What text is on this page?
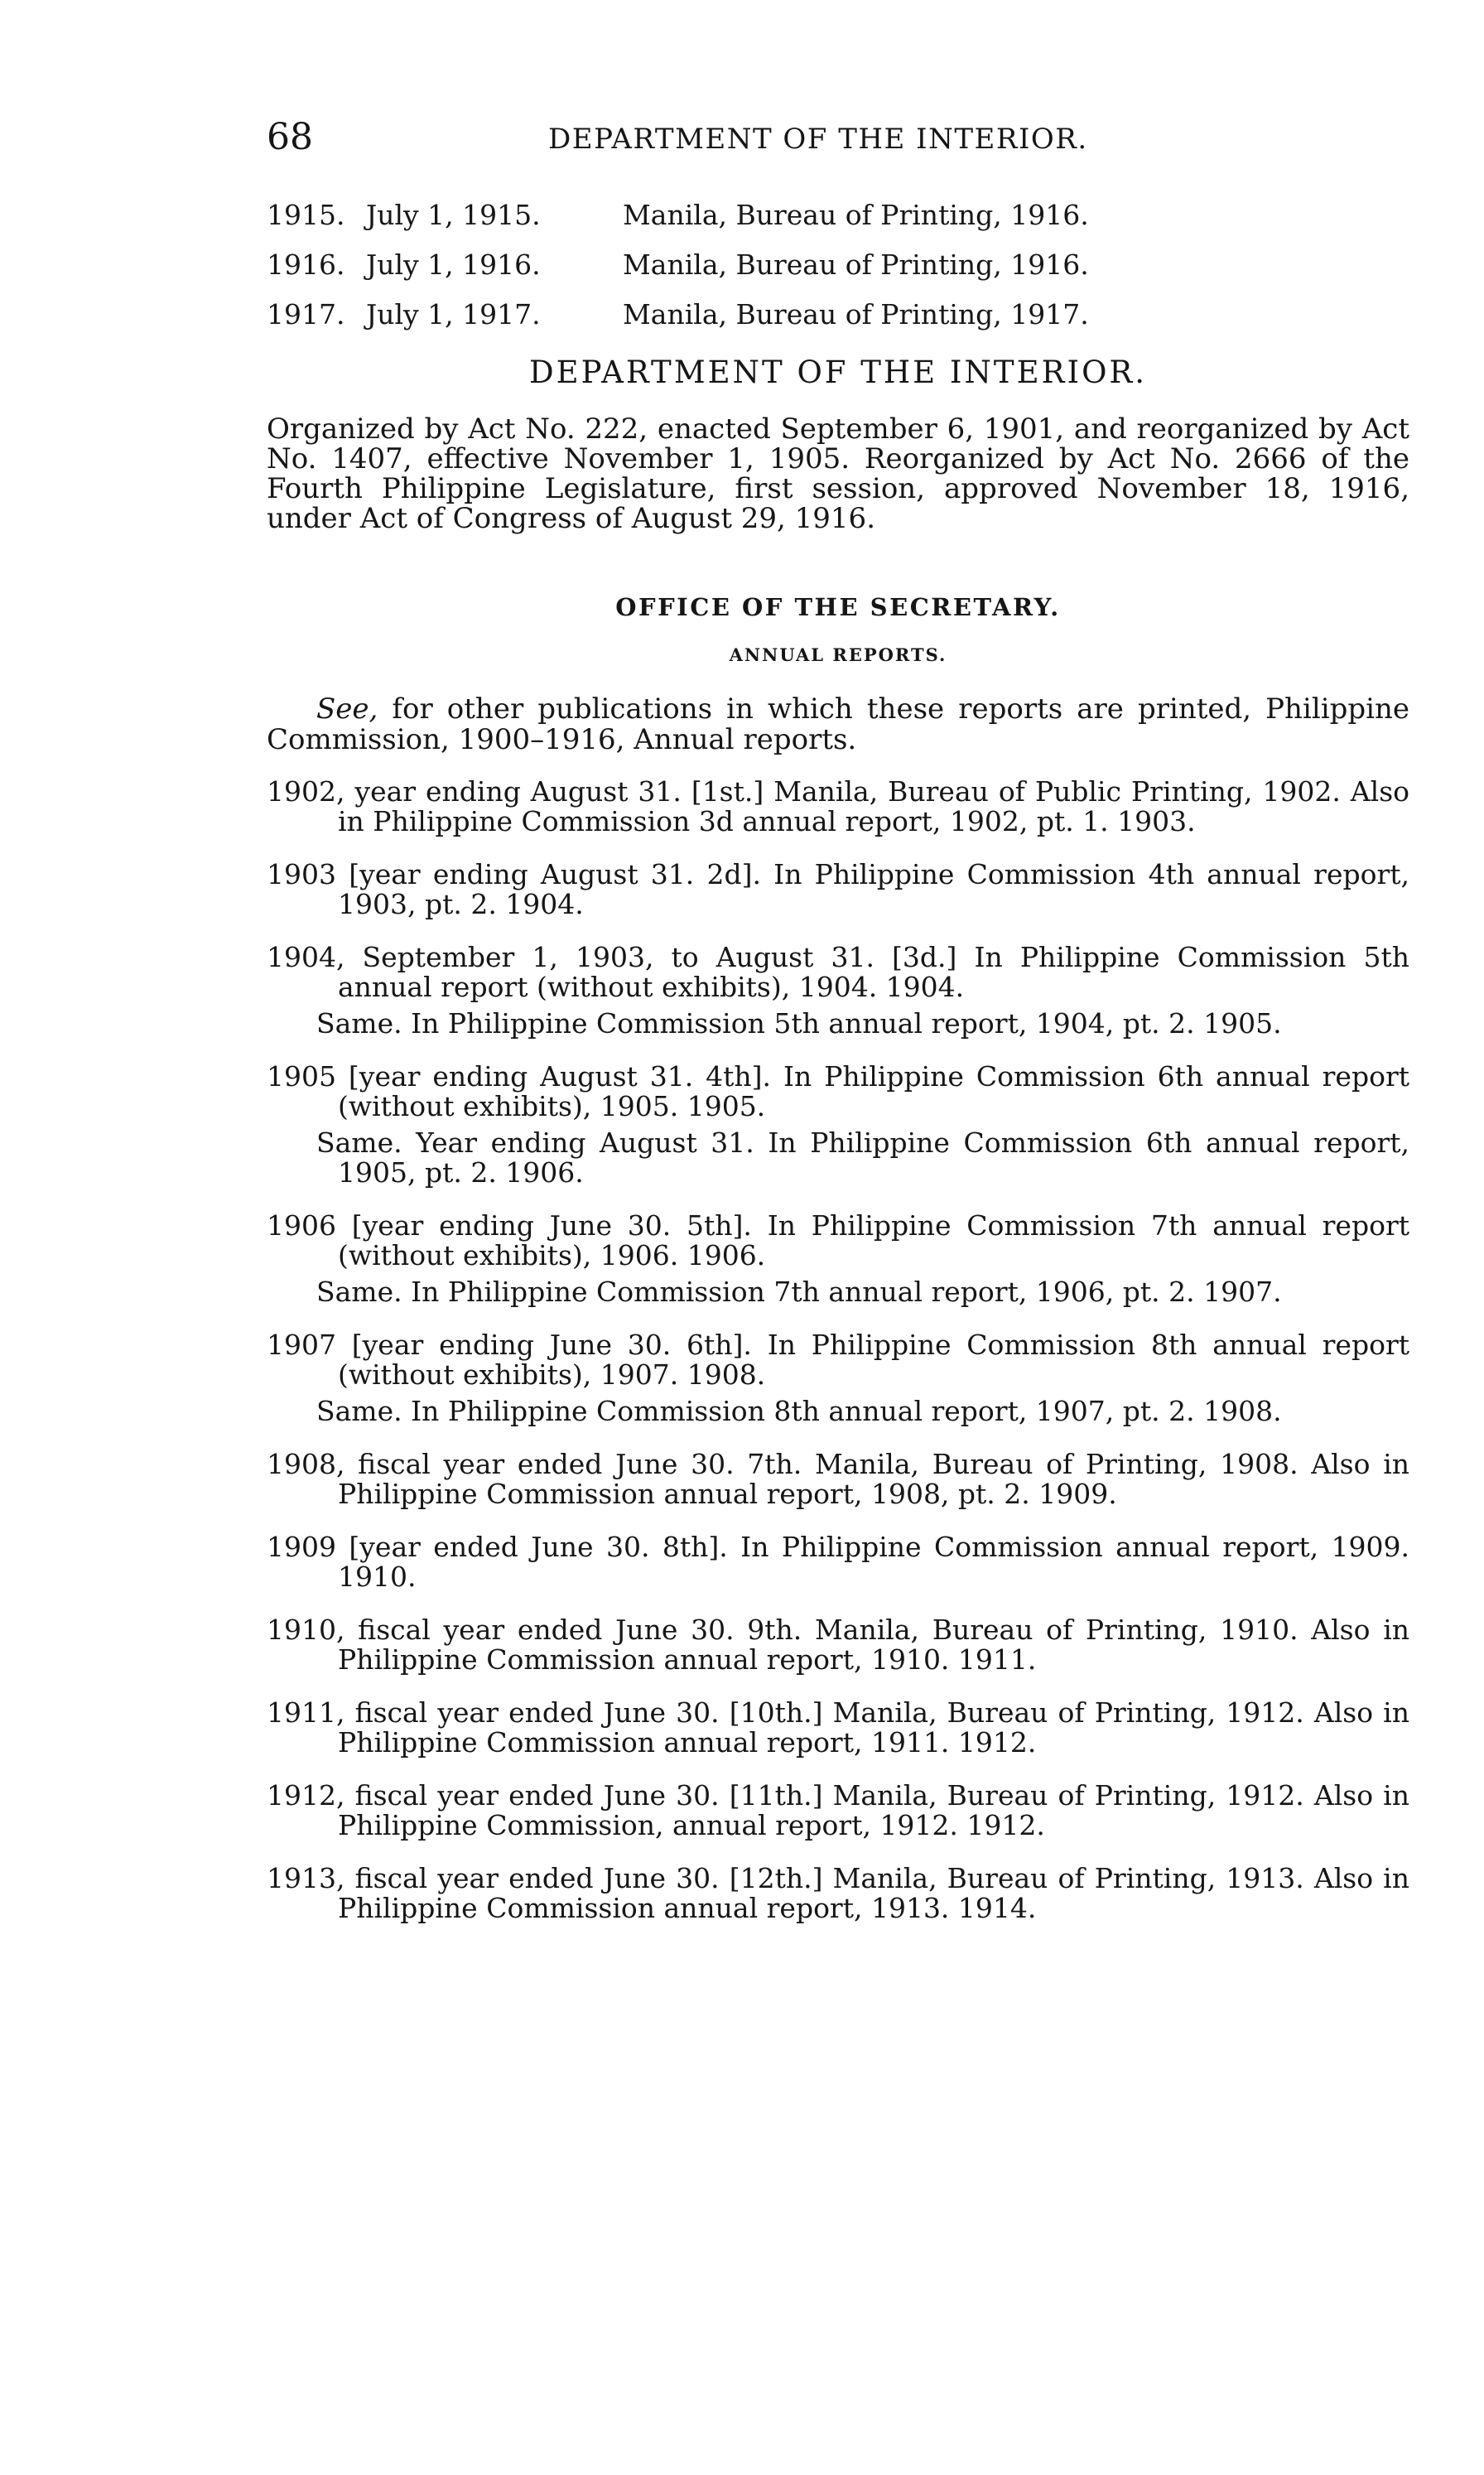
68	DEPARTMENT OF THE INTERIOR.
1915. July 1, 1915.	Manila, Bureau of Printing, 1916.
1916. July 1, 1916.	Manila, Bureau of Printing, 1916.
1917. July 1, 1917.	Manila, Bureau of Printing, 1917.
DEPARTMENT OF THE INTERIOR.

Organized by Act No. 222, enacted September 6, 1901, and reorganized by Act No. 1407, effective November 1, 1905. Reorganized by Act No. 2666 of the Fourth Philippine Legislature, first session, approved November 18, 1916, under Act of Congress of August 29, 1916.

OFFICE OF THE SECRETARY.
ANNUAL REPORTS.

See, for other publications in which these reports are printed, Philippine Commission, 1900–1916, Annual reports.

1902, year ending August 31. [1st.] Manila, Bureau of Public Printing, 1902. Also in Philippine Commission 3d annual report, 1902, pt. 1. 1903.

1903 [year ending August 31. 2d]. In Philippine Commission 4th annual report, 1903, pt. 2. 1904.

1904, September 1, 1903, to August 31. [3d.] In Philippine Commission 5th annual report (without exhibits), 1904. 1904.

Same. In Philippine Commission 5th annual report, 1904, pt. 2. 1905.

1905 [year ending August 31. 4th]. In Philippine Commission 6th annual report (without exhibits), 1905. 1905.

Same. Year ending August 31. In Philippine Commission 6th annual report, 1905, pt. 2. 1906.

1906 [year ending June 30. 5th]. In Philippine Commission 7th annual report (without exhibits), 1906. 1906.

Same. In Philippine Commission 7th annual report, 1906, pt. 2. 1907.

1907 [year ending June 30. 6th]. In Philippine Commission 8th annual report (without exhibits), 1907. 1908.

Same. In Philippine Commission 8th annual report, 1907, pt. 2. 1908.

1908, fiscal year ended June 30. 7th. Manila, Bureau of Printing, 1908. Also in Philippine Commission annual report, 1908, pt. 2. 1909.

1909 [year ended June 30. 8th]. In Philippine Commission annual report, 1909. 1910.

1910, fiscal year ended June 30. 9th. Manila, Bureau of Printing, 1910. Also in Philippine Commission annual report, 1910. 1911.

1911, fiscal year ended June 30. [10th.] Manila, Bureau of Printing, 1912. Also in Philippine Commission annual report, 1911. 1912.

1912, fiscal year ended June 30. [11th.] Manila, Bureau of Printing, 1912. Also in Philippine Commission, annual report, 1912. 1912.

1913, fiscal year ended June 30. [12th.] Manila, Bureau of Printing, 1913. Also in Philippine Commission annual report, 1913. 1914.
